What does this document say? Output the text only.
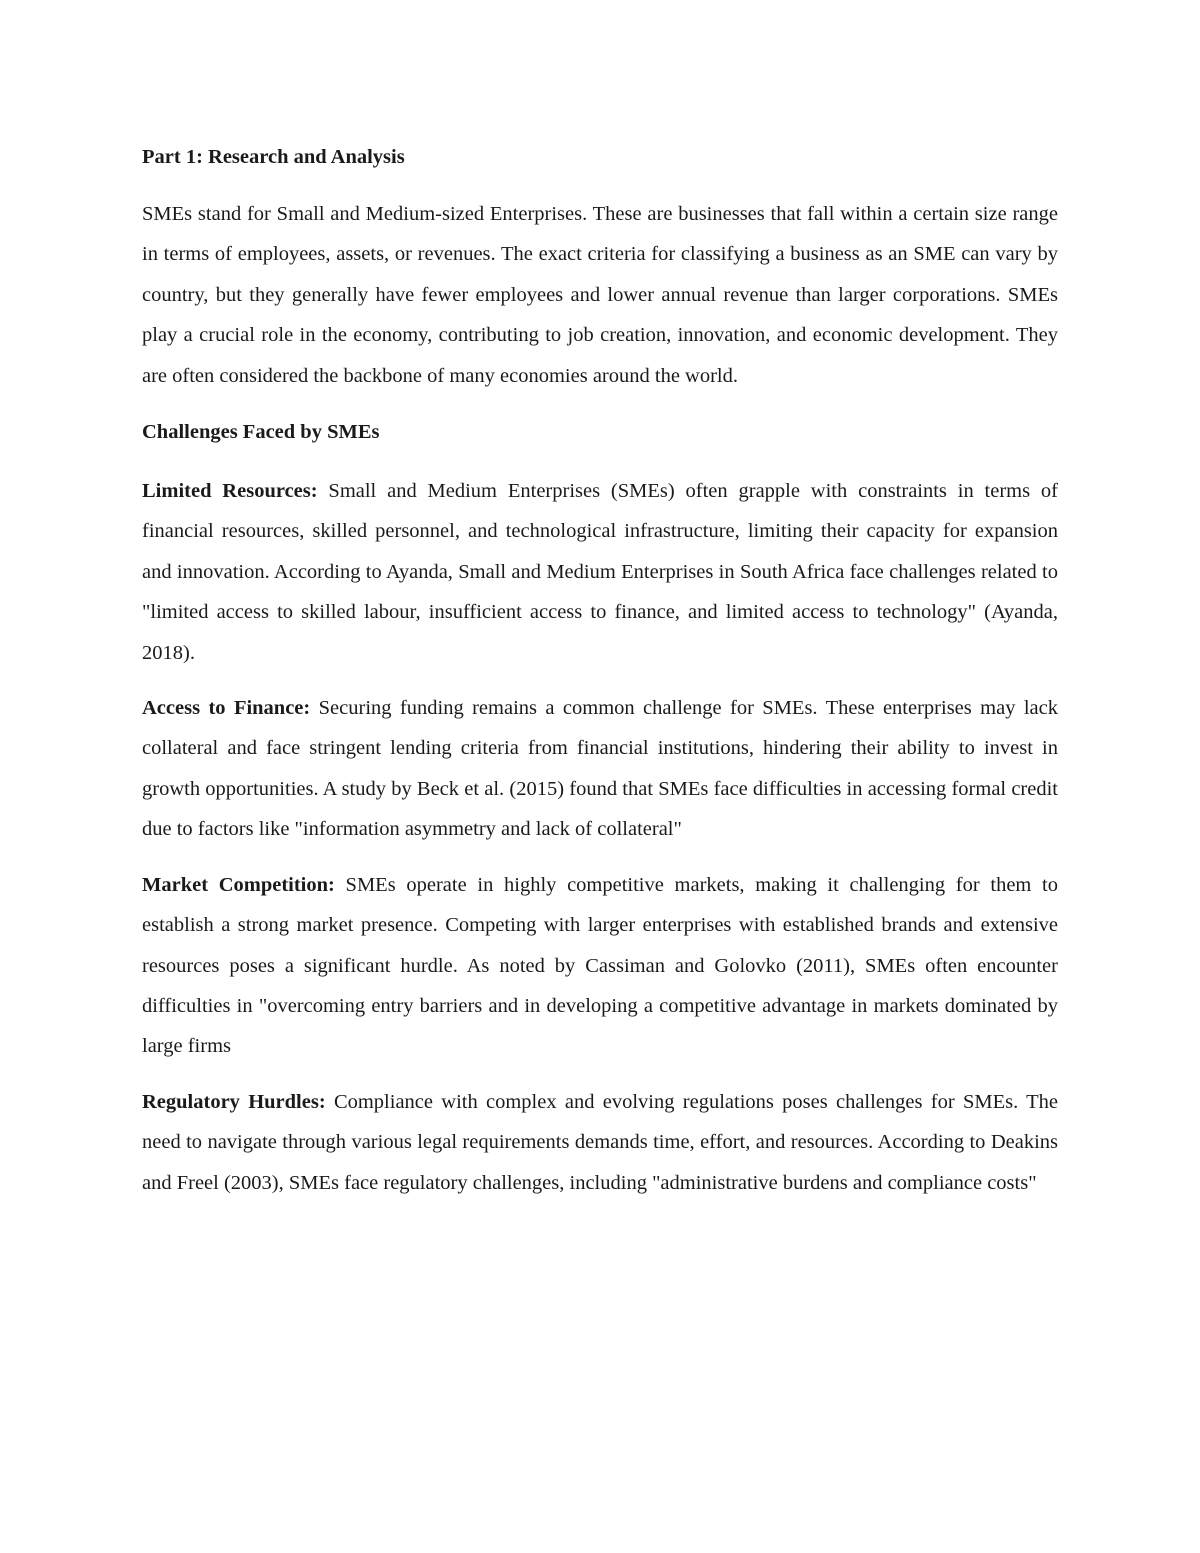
Part 1: Research and Analysis

SMEs stand for Small and Medium-sized Enterprises. These are businesses that fall within a certain size range in terms of employees, assets, or revenues. The exact criteria for classifying a business as an SME can vary by country, but they generally have fewer employees and lower annual revenue than larger corporations. SMEs play a crucial role in the economy, contributing to job creation, innovation, and economic development. They are often considered the backbone of many economies around the world.

Challenges Faced by SMEs

Limited Resources: Small and Medium Enterprises (SMEs) often grapple with constraints in terms of financial resources, skilled personnel, and technological infrastructure, limiting their capacity for expansion and innovation. According to Ayanda, Small and Medium Enterprises in South Africa face challenges related to "limited access to skilled labour, insufficient access to finance, and limited access to technology" (Ayanda, 2018).

Access to Finance: Securing funding remains a common challenge for SMEs. These enterprises may lack collateral and face stringent lending criteria from financial institutions, hindering their ability to invest in growth opportunities. A study by Beck et al. (2015) found that SMEs face difficulties in accessing formal credit due to factors like "information asymmetry and lack of collateral"

Market Competition: SMEs operate in highly competitive markets, making it challenging for them to establish a strong market presence. Competing with larger enterprises with established brands and extensive resources poses a significant hurdle. As noted by Cassiman and Golovko (2011), SMEs often encounter difficulties in "overcoming entry barriers and in developing a competitive advantage in markets dominated by large firms

Regulatory Hurdles: Compliance with complex and evolving regulations poses challenges for SMEs. The need to navigate through various legal requirements demands time, effort, and resources. According to Deakins and Freel (2003), SMEs face regulatory challenges, including "administrative burdens and compliance costs"
